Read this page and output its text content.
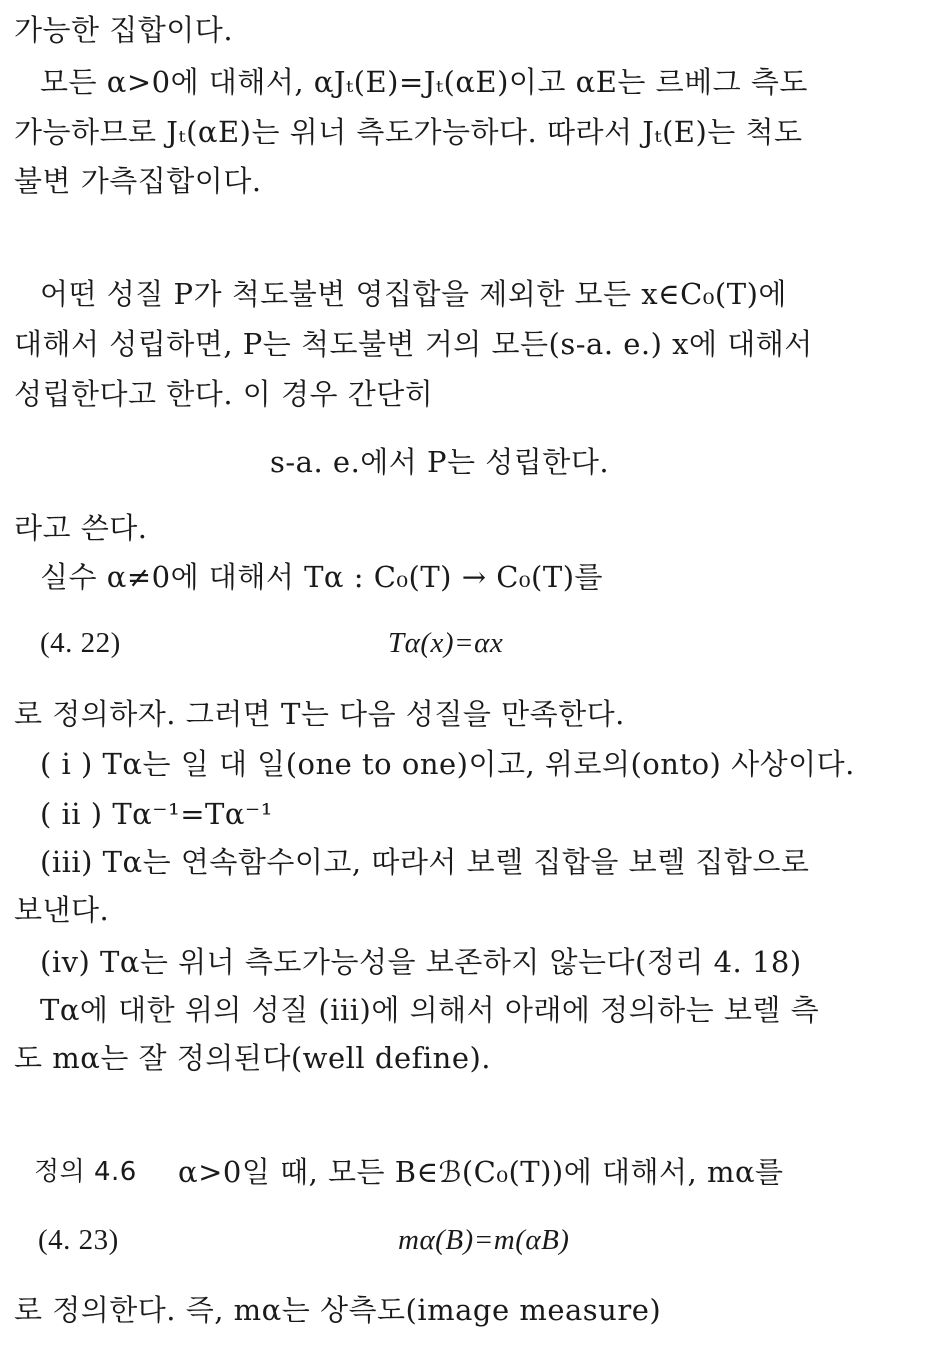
가능한 집합이다.
모든 α>0에 대해서, αJₜ(E)=Jₜ(αE)이고 αE는 르베그 측도
가능하므로 Jₜ(αE)는 위너 측도가능하다. 따라서 Jₜ(E)는 척도
불변 가측집합이다.
어떤 성질 P가 척도불변 영집합을 제외한 모든 x∈C₀(T)에
대해서 성립하면, P는 척도불변 거의 모든(s-a. e.) x에 대해서
성립한다고 한다. 이 경우 간단히
s-a. e.에서 P는 성립한다.
라고 쓴다.
실수 α≠0에 대해서 Tα : C₀(T) → C₀(T)를
(4. 22)	Tα(x)=αx
로 정의하자. 그러면 T는 다음 성질을 만족한다.
( i ) Tα는 일 대 일(one to one)이고, 위로의(onto) 사상이다.
( ii ) Tα⁻¹=Tα⁻¹
(iii) Tα는 연속함수이고, 따라서 보렐 집합을 보렐 집합으로
보낸다.
(iv) Tα는 위너 측도가능성을 보존하지 않는다(정리 4. 18)
Tα에 대한 위의 성질 (iii)에 의해서 아래에 정의하는 보렐 측
도 mα는 잘 정의된다(well define).
정의 4.6 α>0일 때, 모든 B∈ℬ(C₀(T))에 대해서, mα를
(4. 23)	mα(B)=m(αB)
로 정의한다. 즉, mα는 상측도(image measure)
